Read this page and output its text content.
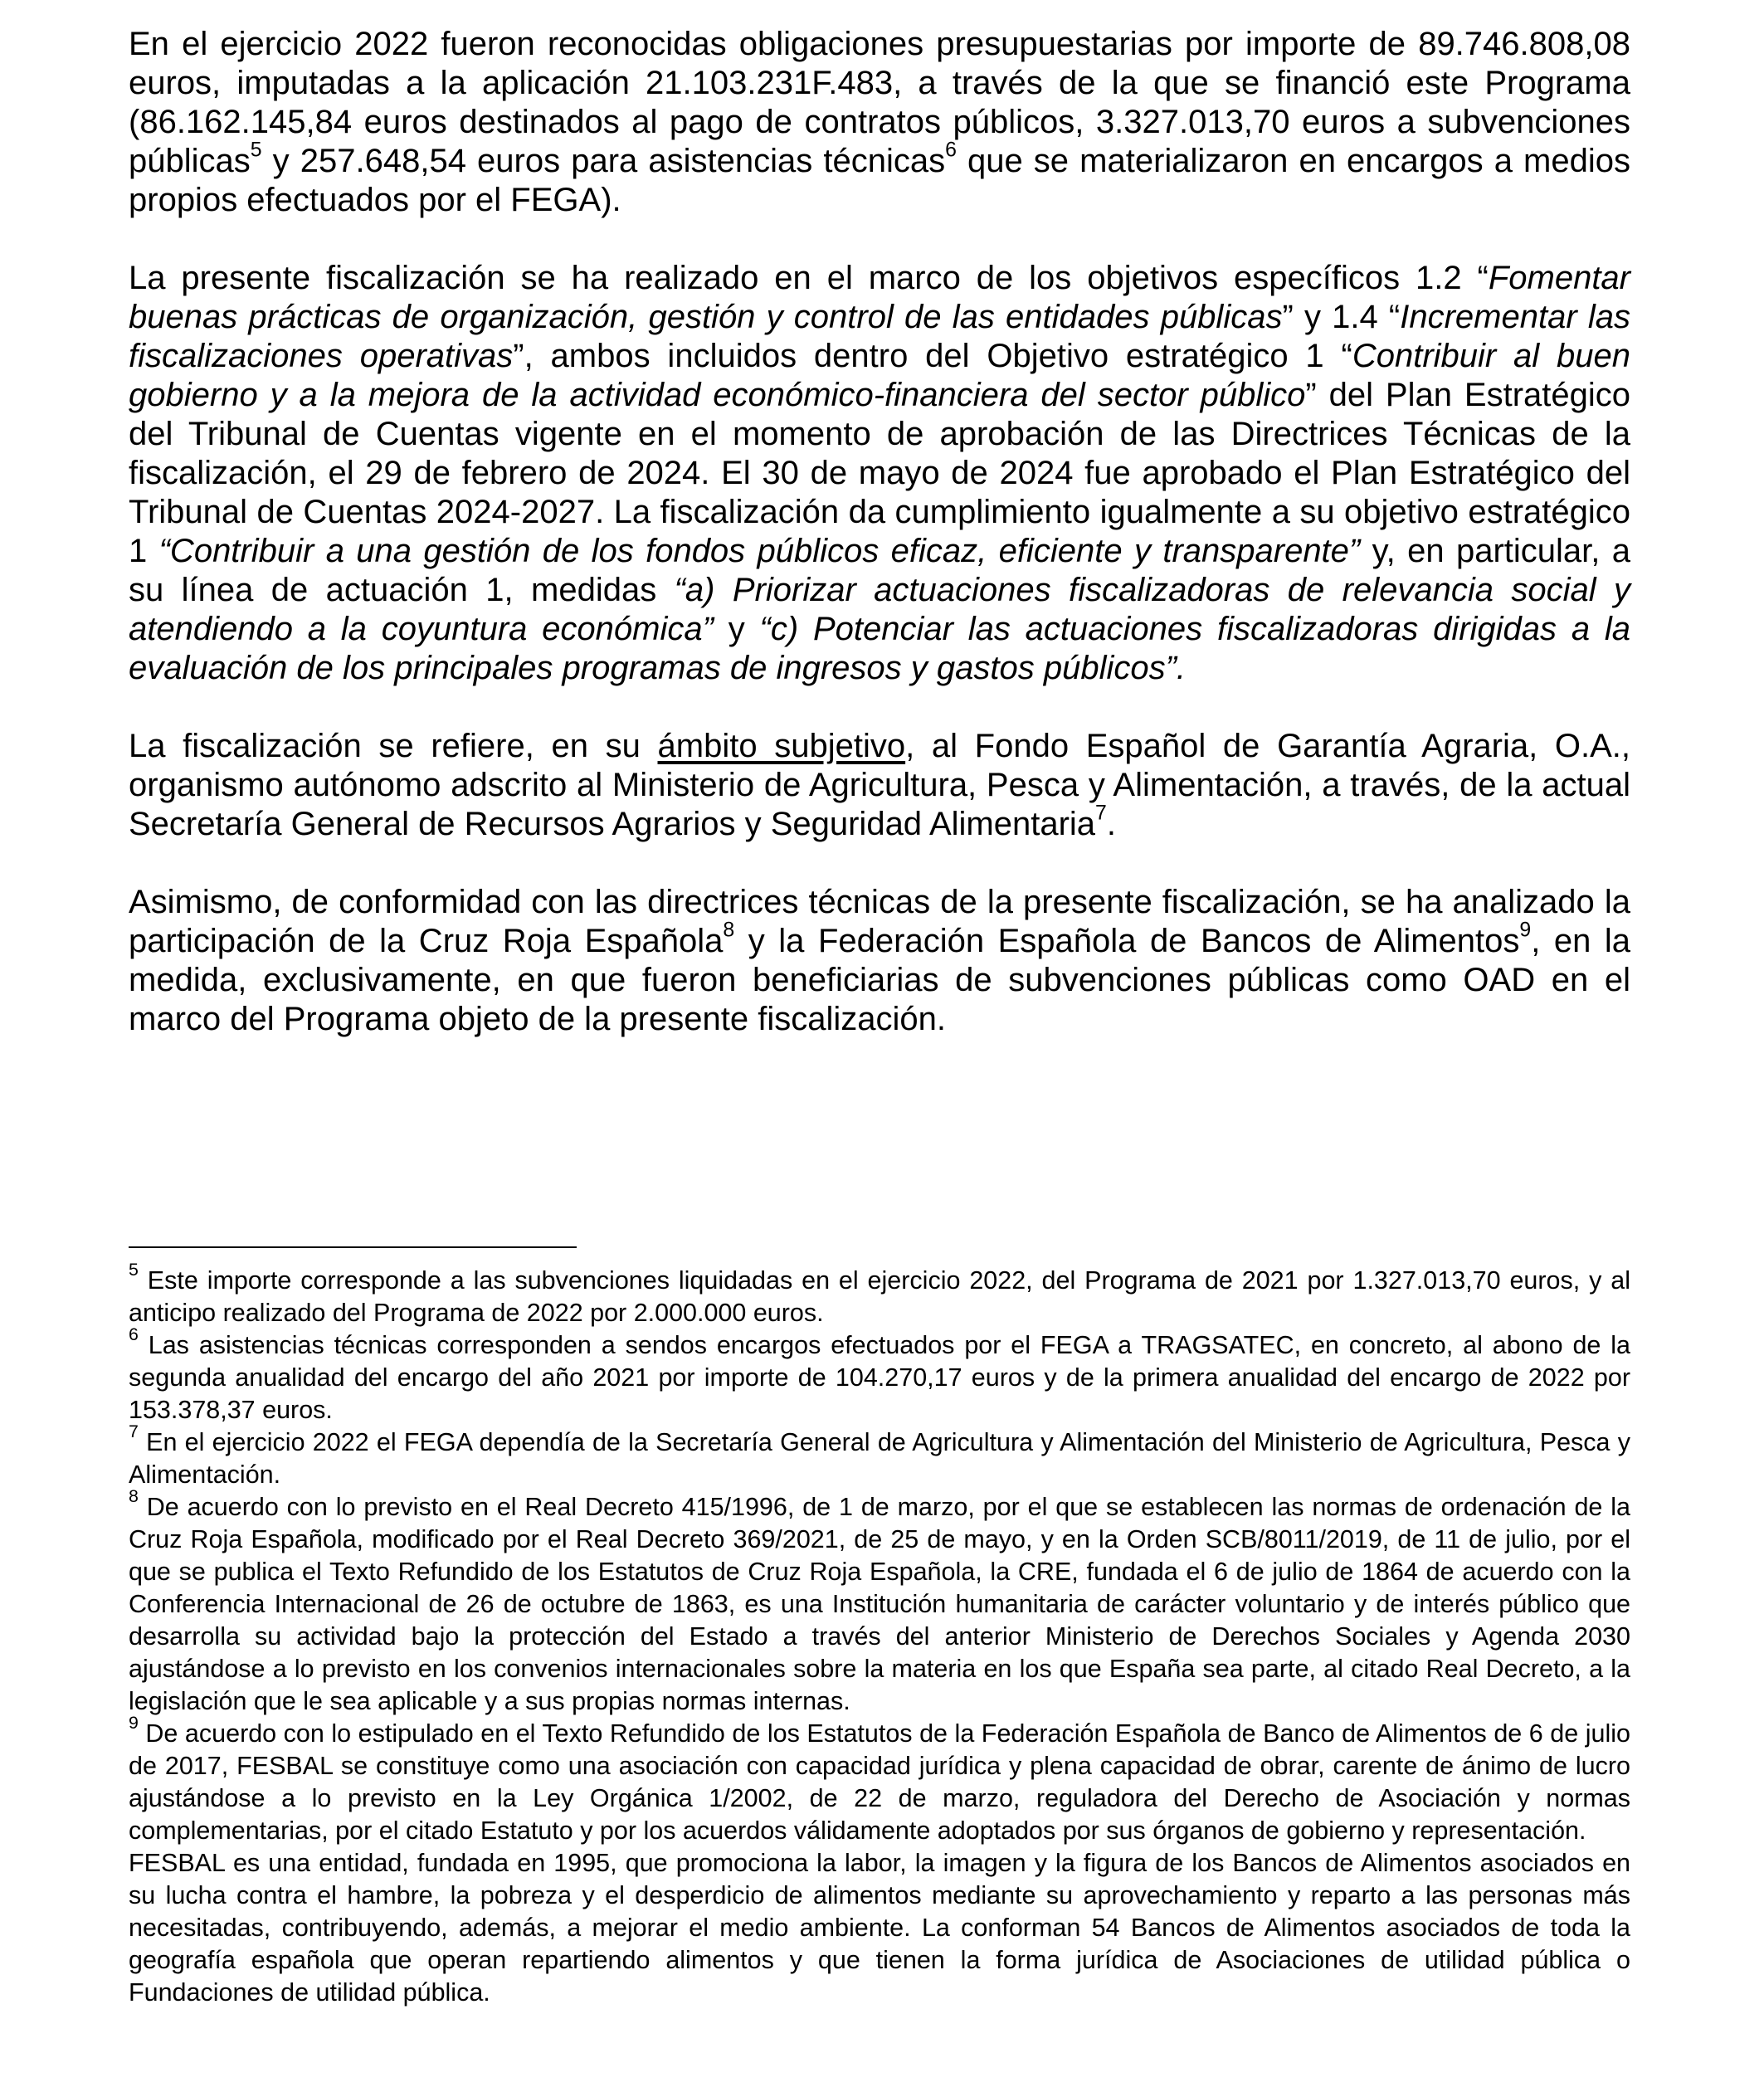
En el ejercicio 2022 fueron reconocidas obligaciones presupuestarias por importe de 89.746.808,08 euros, imputadas a la aplicación 21.103.231F.483, a través de la que se financió este Programa (86.162.145,84 euros destinados al pago de contratos públicos, 3.327.013,70 euros a subvenciones públicas$^5$ y 257.648,54 euros para asistencias técnicas$^6$ que se materializaron en encargos a medios propios efectuados por el FEGA).

La presente fiscalización se ha realizado en el marco de los objetivos específicos 1.2 “Fomentar buenas prácticas de organización, gestión y control de las entidades públicas” y 1.4 “Incrementar las fiscalizaciones operativas”, ambos incluidos dentro del Objetivo estratégico 1 “Contribuir al buen gobierno y a la mejora de la actividad económico-financiera del sector público” del Plan Estratégico del Tribunal de Cuentas vigente en el momento de aprobación de las Directrices Técnicas de la fiscalización, el 29 de febrero de 2024. El 30 de mayo de 2024 fue aprobado el Plan Estratégico del Tribunal de Cuentas 2024-2027. La fiscalización da cumplimiento igualmente a su objetivo estratégico 1 “Contribuir a una gestión de los fondos públicos eficaz, eficiente y transparente” y, en particular, a su línea de actuación 1, medidas “a) Priorizar actuaciones fiscalizadoras de relevancia social y atendiendo a la coyuntura económica” y “c) Potenciar las actuaciones fiscalizadoras dirigidas a la evaluación de los principales programas de ingresos y gastos públicos”.

La fiscalización se refiere, en su ámbito subjetivo, al Fondo Español de Garantía Agraria, O.A., organismo autónomo adscrito al Ministerio de Agricultura, Pesca y Alimentación, a través, de la actual Secretaría General de Recursos Agrarios y Seguridad Alimentaria$^7$.

Asimismo, de conformidad con las directrices técnicas de la presente fiscalización, se ha analizado la participación de la Cruz Roja Española$^8$ y la Federación Española de Bancos de Alimentos$^9$, en la medida, exclusivamente, en que fueron beneficiarias de subvenciones públicas como OAD en el marco del Programa objeto de la presente fiscalización.

$^5$ Este importe corresponde a las subvenciones liquidadas en el ejercicio 2022, del Programa de 2021 por 1.327.013,70 euros, y al anticipo realizado del Programa de 2022 por 2.000.000 euros.

$^6$ Las asistencias técnicas corresponden a sendos encargos efectuados por el FEGA a TRAGSATEC, en concreto, al abono de la segunda anualidad del encargo del año 2021 por importe de 104.270,17 euros y de la primera anualidad del encargo de 2022 por 153.378,37 euros.

$^7$ En el ejercicio 2022 el FEGA dependía de la Secretaría General de Agricultura y Alimentación del Ministerio de Agricultura, Pesca y Alimentación.

$^8$ De acuerdo con lo previsto en el Real Decreto 415/1996, de 1 de marzo, por el que se establecen las normas de ordenación de la Cruz Roja Española, modificado por el Real Decreto 369/2021, de 25 de mayo, y en la Orden SCB/8011/2019, de 11 de julio, por el que se publica el Texto Refundido de los Estatutos de Cruz Roja Española, la CRE, fundada el 6 de julio de 1864 de acuerdo con la Conferencia Internacional de 26 de octubre de 1863, es una Institución humanitaria de carácter voluntario y de interés público que desarrolla su actividad bajo la protección del Estado a través del anterior Ministerio de Derechos Sociales y Agenda 2030 ajustándose a lo previsto en los convenios internacionales sobre la materia en los que España sea parte, al citado Real Decreto, a la legislación que le sea aplicable y a sus propias normas internas.

$^9$ De acuerdo con lo estipulado en el Texto Refundido de los Estatutos de la Federación Española de Banco de Alimentos de 6 de julio de 2017, FESBAL se constituye como una asociación con capacidad jurídica y plena capacidad de obrar, carente de ánimo de lucro ajustándose a lo previsto en la Ley Orgánica 1/2002, de 22 de marzo, reguladora del Derecho de Asociación y normas complementarias, por el citado Estatuto y por los acuerdos válidamente adoptados por sus órganos de gobierno y representación.

FESBAL es una entidad, fundada en 1995, que promociona la labor, la imagen y la figura de los Bancos de Alimentos asociados en su lucha contra el hambre, la pobreza y el desperdicio de alimentos mediante su aprovechamiento y reparto a las personas más necesitadas, contribuyendo, además, a mejorar el medio ambiente. La conforman 54 Bancos de Alimentos asociados de toda la geografía española que operan repartiendo alimentos y que tienen la forma jurídica de Asociaciones de utilidad pública o Fundaciones de utilidad pública.
